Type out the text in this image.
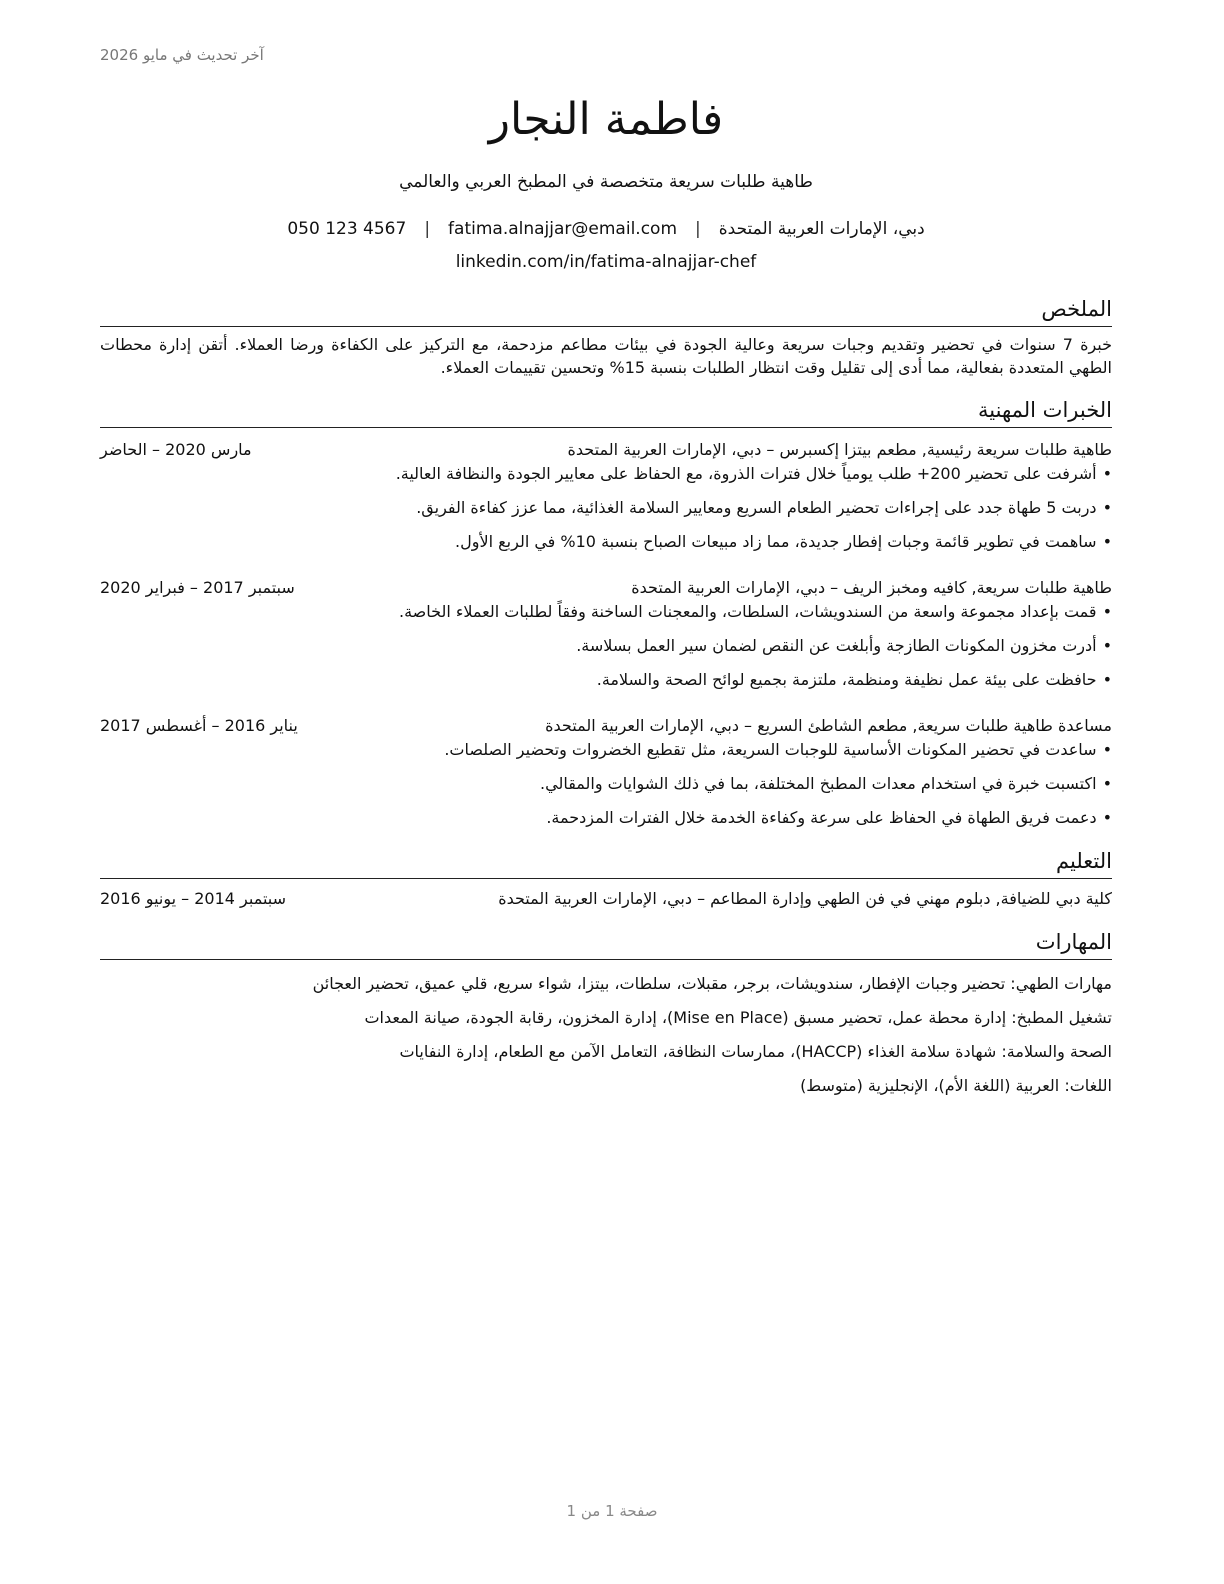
آخر تحديث في مايو 2026
فاطمة النجار
طاهية طلبات سريعة متخصصة في المطبخ العربي والعالمي
دبي، الإمارات العربية المتحدة
|
fatima.alnajjar@email.com
|
050 123 4567
linkedin.com/in/fatima-alnajjar-chef
الملخص

خبرة 7 سنوات في تحضير وتقديم وجبات سريعة وعالية الجودة في بيئات مطاعم مزدحمة، مع التركيز على الكفاءة ورضا العملاء. أتقن إدارة محطات الطهي المتعددة بفعالية، مما أدى إلى تقليل وقت انتظار الطلبات بنسبة 15% وتحسين تقييمات العملاء.

الخبرات المهنية
طاهية طلبات سريعة رئيسية, مطعم بيتزا إكسبرس – دبي، الإمارات العربية المتحدة
مارس 2020 – الحاضر
• أشرفت على تحضير 200+ طلب يومياً خلال فترات الذروة، مع الحفاظ على معايير الجودة والنظافة العالية.
• دربت 5 طهاة جدد على إجراءات تحضير الطعام السريع ومعايير السلامة الغذائية، مما عزز كفاءة الفريق.
• ساهمت في تطوير قائمة وجبات إفطار جديدة، مما زاد مبيعات الصباح بنسبة 10% في الربع الأول.
طاهية طلبات سريعة, كافيه ومخبز الريف – دبي، الإمارات العربية المتحدة
سبتمبر 2017 – فبراير 2020
• قمت بإعداد مجموعة واسعة من السندويشات، السلطات، والمعجنات الساخنة وفقاً لطلبات العملاء الخاصة.
• أدرت مخزون المكونات الطازجة وأبلغت عن النقص لضمان سير العمل بسلاسة.
• حافظت على بيئة عمل نظيفة ومنظمة، ملتزمة بجميع لوائح الصحة والسلامة.
مساعدة طاهية طلبات سريعة, مطعم الشاطئ السريع – دبي، الإمارات العربية المتحدة
يناير 2016 – أغسطس 2017
• ساعدت في تحضير المكونات الأساسية للوجبات السريعة، مثل تقطيع الخضروات وتحضير الصلصات.
• اكتسبت خبرة في استخدام معدات المطبخ المختلفة، بما في ذلك الشوايات والمقالي.
• دعمت فريق الطهاة في الحفاظ على سرعة وكفاءة الخدمة خلال الفترات المزدحمة.
التعليم
كلية دبي للضيافة, دبلوم مهني في فن الطهي وإدارة المطاعم – دبي، الإمارات العربية المتحدة
سبتمبر 2014 – يونيو 2016
المهارات

مهارات الطهي: تحضير وجبات الإفطار، سندويشات، برجر، مقبلات، سلطات، بيتزا، شواء سريع، قلي عميق، تحضير العجائن

تشغيل المطبخ: إدارة محطة عمل، تحضير مسبق (Mise en Place)، إدارة المخزون، رقابة الجودة، صيانة المعدات

الصحة والسلامة: شهادة سلامة الغذاء (HACCP)، ممارسات النظافة، التعامل الآمن مع الطعام، إدارة النفايات

اللغات: العربية (اللغة الأم)، الإنجليزية (متوسط)

صفحة 1 من 1
